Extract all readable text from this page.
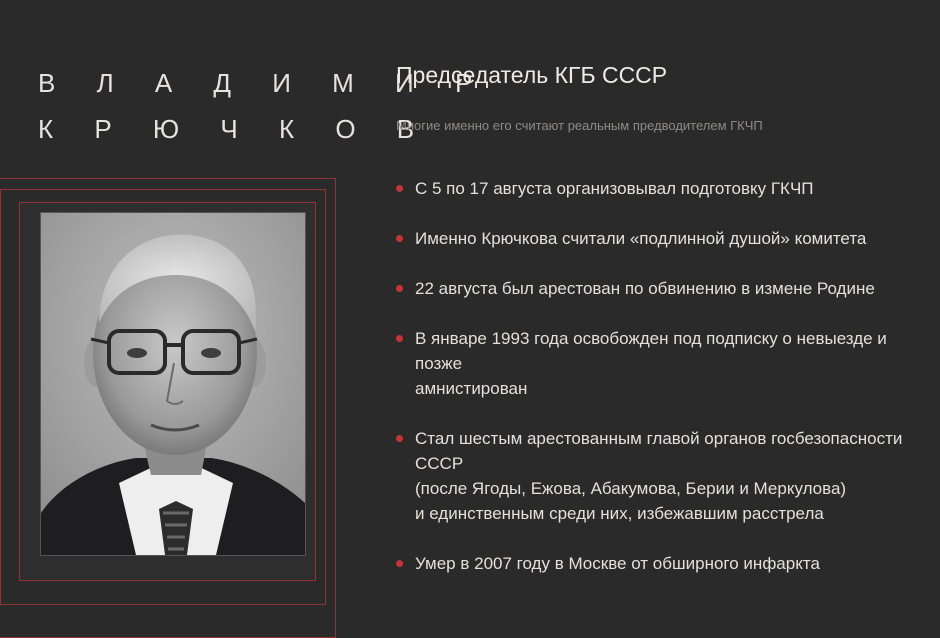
В Л А Д И М И Р
К Р Ю Ч К О В
Председатель КГБ СССР
Многие именно его считают реальным предводителем ГКЧП
С 5 по 17 августа организовывал подготовку ГКЧП
Именно Крючкова считали «подлинной душой» комитета
22 августа был арестован по обвинению в измене Родине
В январе 1993 года освобожден под подписку о невыезде и позже
амнистирован
Стал шестым арестованным главой органов госбезопасности СССР
(после Ягоды, Ежова, Абакумова, Берии и Меркулова)
и единственным среди них, избежавшим расстрела
Умер в 2007 году в Москве от обширного инфаркта
